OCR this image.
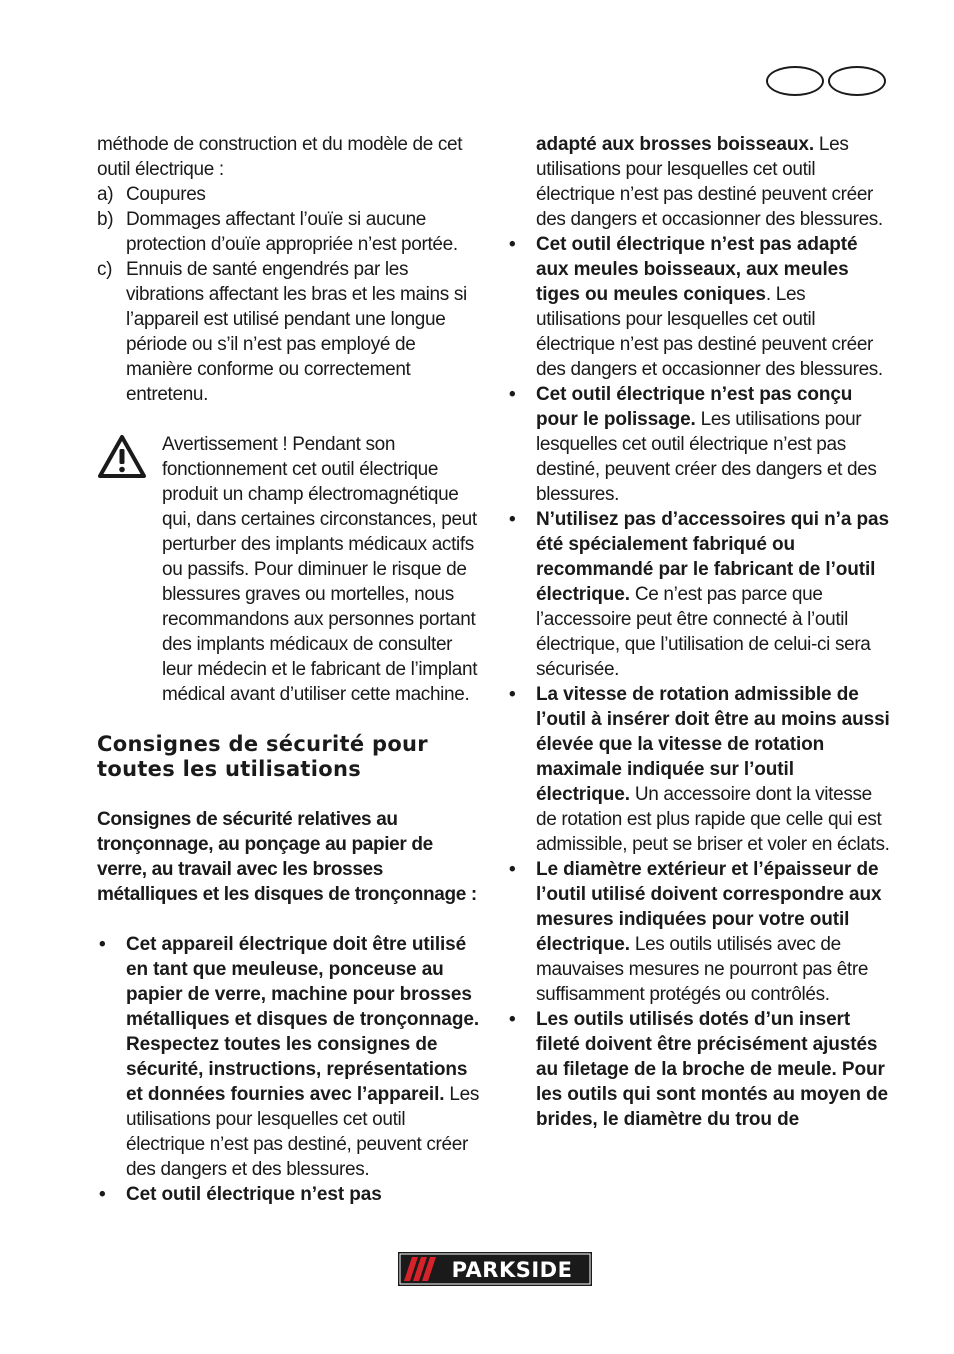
méthode de construction et du modèle de cet outil électrique :

a) Coupures
b) Dommages affectant l’ouïe si aucune protection d’ouïe appropriée n’est portée.
c) Ennuis de santé engendrés par les vibrations affectant les bras et les mains si l’appareil est utilisé pendant une longue période ou s’il n’est pas employé de manière conforme ou correctement entretenu.

Avertissement ! Pendant son fonctionnement cet outil électrique produit un champ électromagnétique qui, dans certaines circonstances, peut perturber des implants médicaux actifs ou passifs. Pour diminuer le risque de blessures graves ou mortelles, nous recommandons aux personnes portant des implants médicaux de consulter leur médecin et le fabricant de l’implant médical avant d’utiliser cette machine.

Consignes de sécurité pour toutes les utilisations

Consignes de sécurité relatives au tronçonnage, au ponçage au papier de verre, au travail avec les brosses métalliques et les disques de tronçonnage :

• Cet appareil électrique doit être utilisé en tant que meuleuse, ponceuse au papier de verre, machine pour brosses métalliques et disques de tronçonnage. Respectez toutes les consignes de sécurité, instructions, représentations et données fournies avec l’appareil. Les utilisations pour lesquelles cet outil électrique n’est pas destiné, peuvent créer des dangers et des blessures.
• Cet outil électrique n’est pas
adapté aux brosses boisseaux. Les utilisations pour lesquelles cet outil électrique n’est pas destiné peuvent créer des dangers et occasionner des blessures.
• Cet outil électrique n’est pas adapté aux meules boisseaux, aux meules tiges ou meules coniques. Les utilisations pour lesquelles cet outil électrique n’est pas destiné peuvent créer des dangers et occasionner des blessures.
• Cet outil électrique n’est pas conçu pour le polissage. Les utilisations pour lesquelles cet outil électrique n’est pas destiné, peuvent créer des dangers et des blessures.
• N’utilisez pas d’accessoires qui n’a pas été spécialement fabriqué ou recommandé par le fabricant de l’outil électrique. Ce n’est pas parce que l’accessoire peut être connecté à l’outil électrique, que l’utilisation de celui-ci sera sécurisée.
• La vitesse de rotation admissible de l’outil à insérer doit être au moins aussi élevée que la vitesse de rotation maximale indiquée sur l’outil électrique. Un accessoire dont la vitesse de rotation est plus rapide que celle qui est admissible, peut se briser et voler en éclats.
• Le diamètre extérieur et l’épaisseur de l’outil utilisé doivent correspondre aux mesures indiquées pour votre outil électrique. Les outils utilisés avec de mauvaises mesures ne pourront pas être suffisamment protégés ou contrôlés.
• Les outils utilisés dotés d’un insert fileté doivent être précisément ajustés au filetage de la broche de meule. Pour les outils qui sont montés au moyen de brides, le diamètre du trou de
PARKSIDE
